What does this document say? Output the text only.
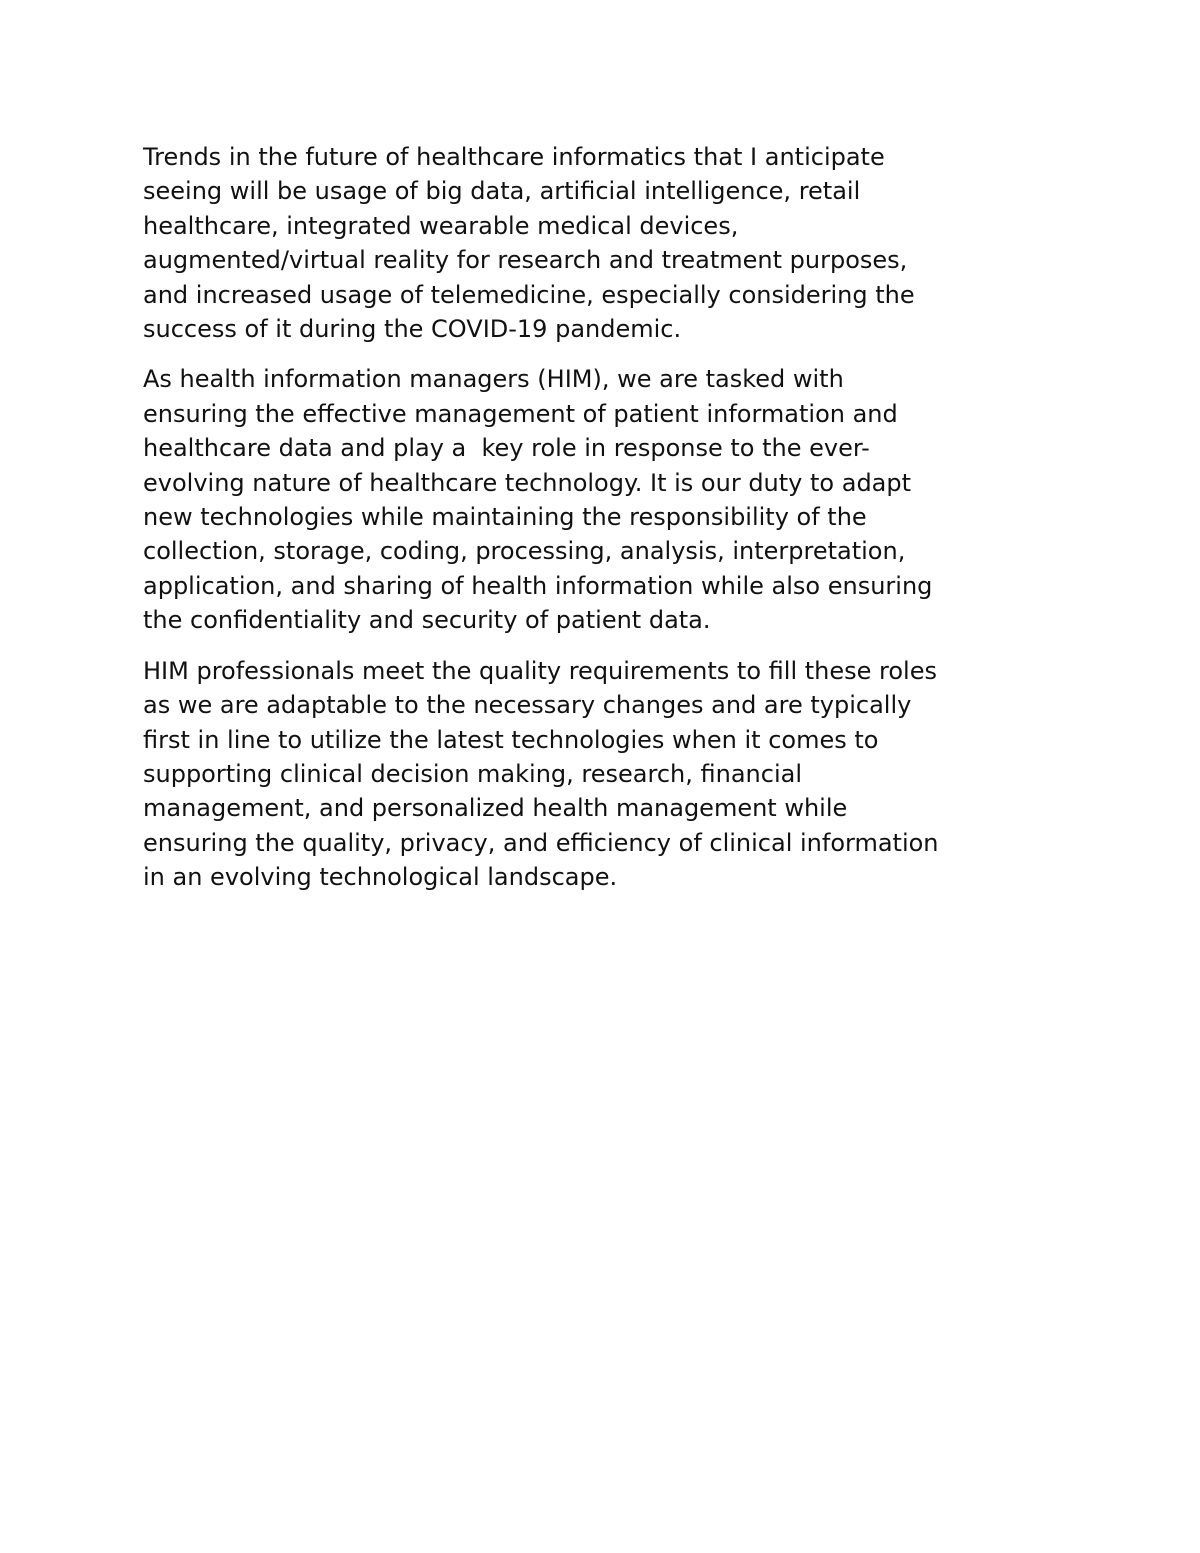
Trends in the future of healthcare informatics that I anticipate
seeing will be usage of big data, artificial intelligence, retail
healthcare, integrated wearable medical devices,
augmented/virtual reality for research and treatment purposes,
and increased usage of telemedicine, especially considering the
success of it during the COVID-19 pandemic.

As health information managers (HIM), we are tasked with
ensuring the effective management of patient information and
healthcare data and play a  key role in response to the ever-
evolving nature of healthcare technology. It is our duty to adapt
new technologies while maintaining the responsibility of the
collection, storage, coding, processing, analysis, interpretation,
application, and sharing of health information while also ensuring
the confidentiality and security of patient data.

HIM professionals meet the quality requirements to fill these roles
as we are adaptable to the necessary changes and are typically
first in line to utilize the latest technologies when it comes to
supporting clinical decision making, research, financial
management, and personalized health management while
ensuring the quality, privacy, and efficiency of clinical information
in an evolving technological landscape.
